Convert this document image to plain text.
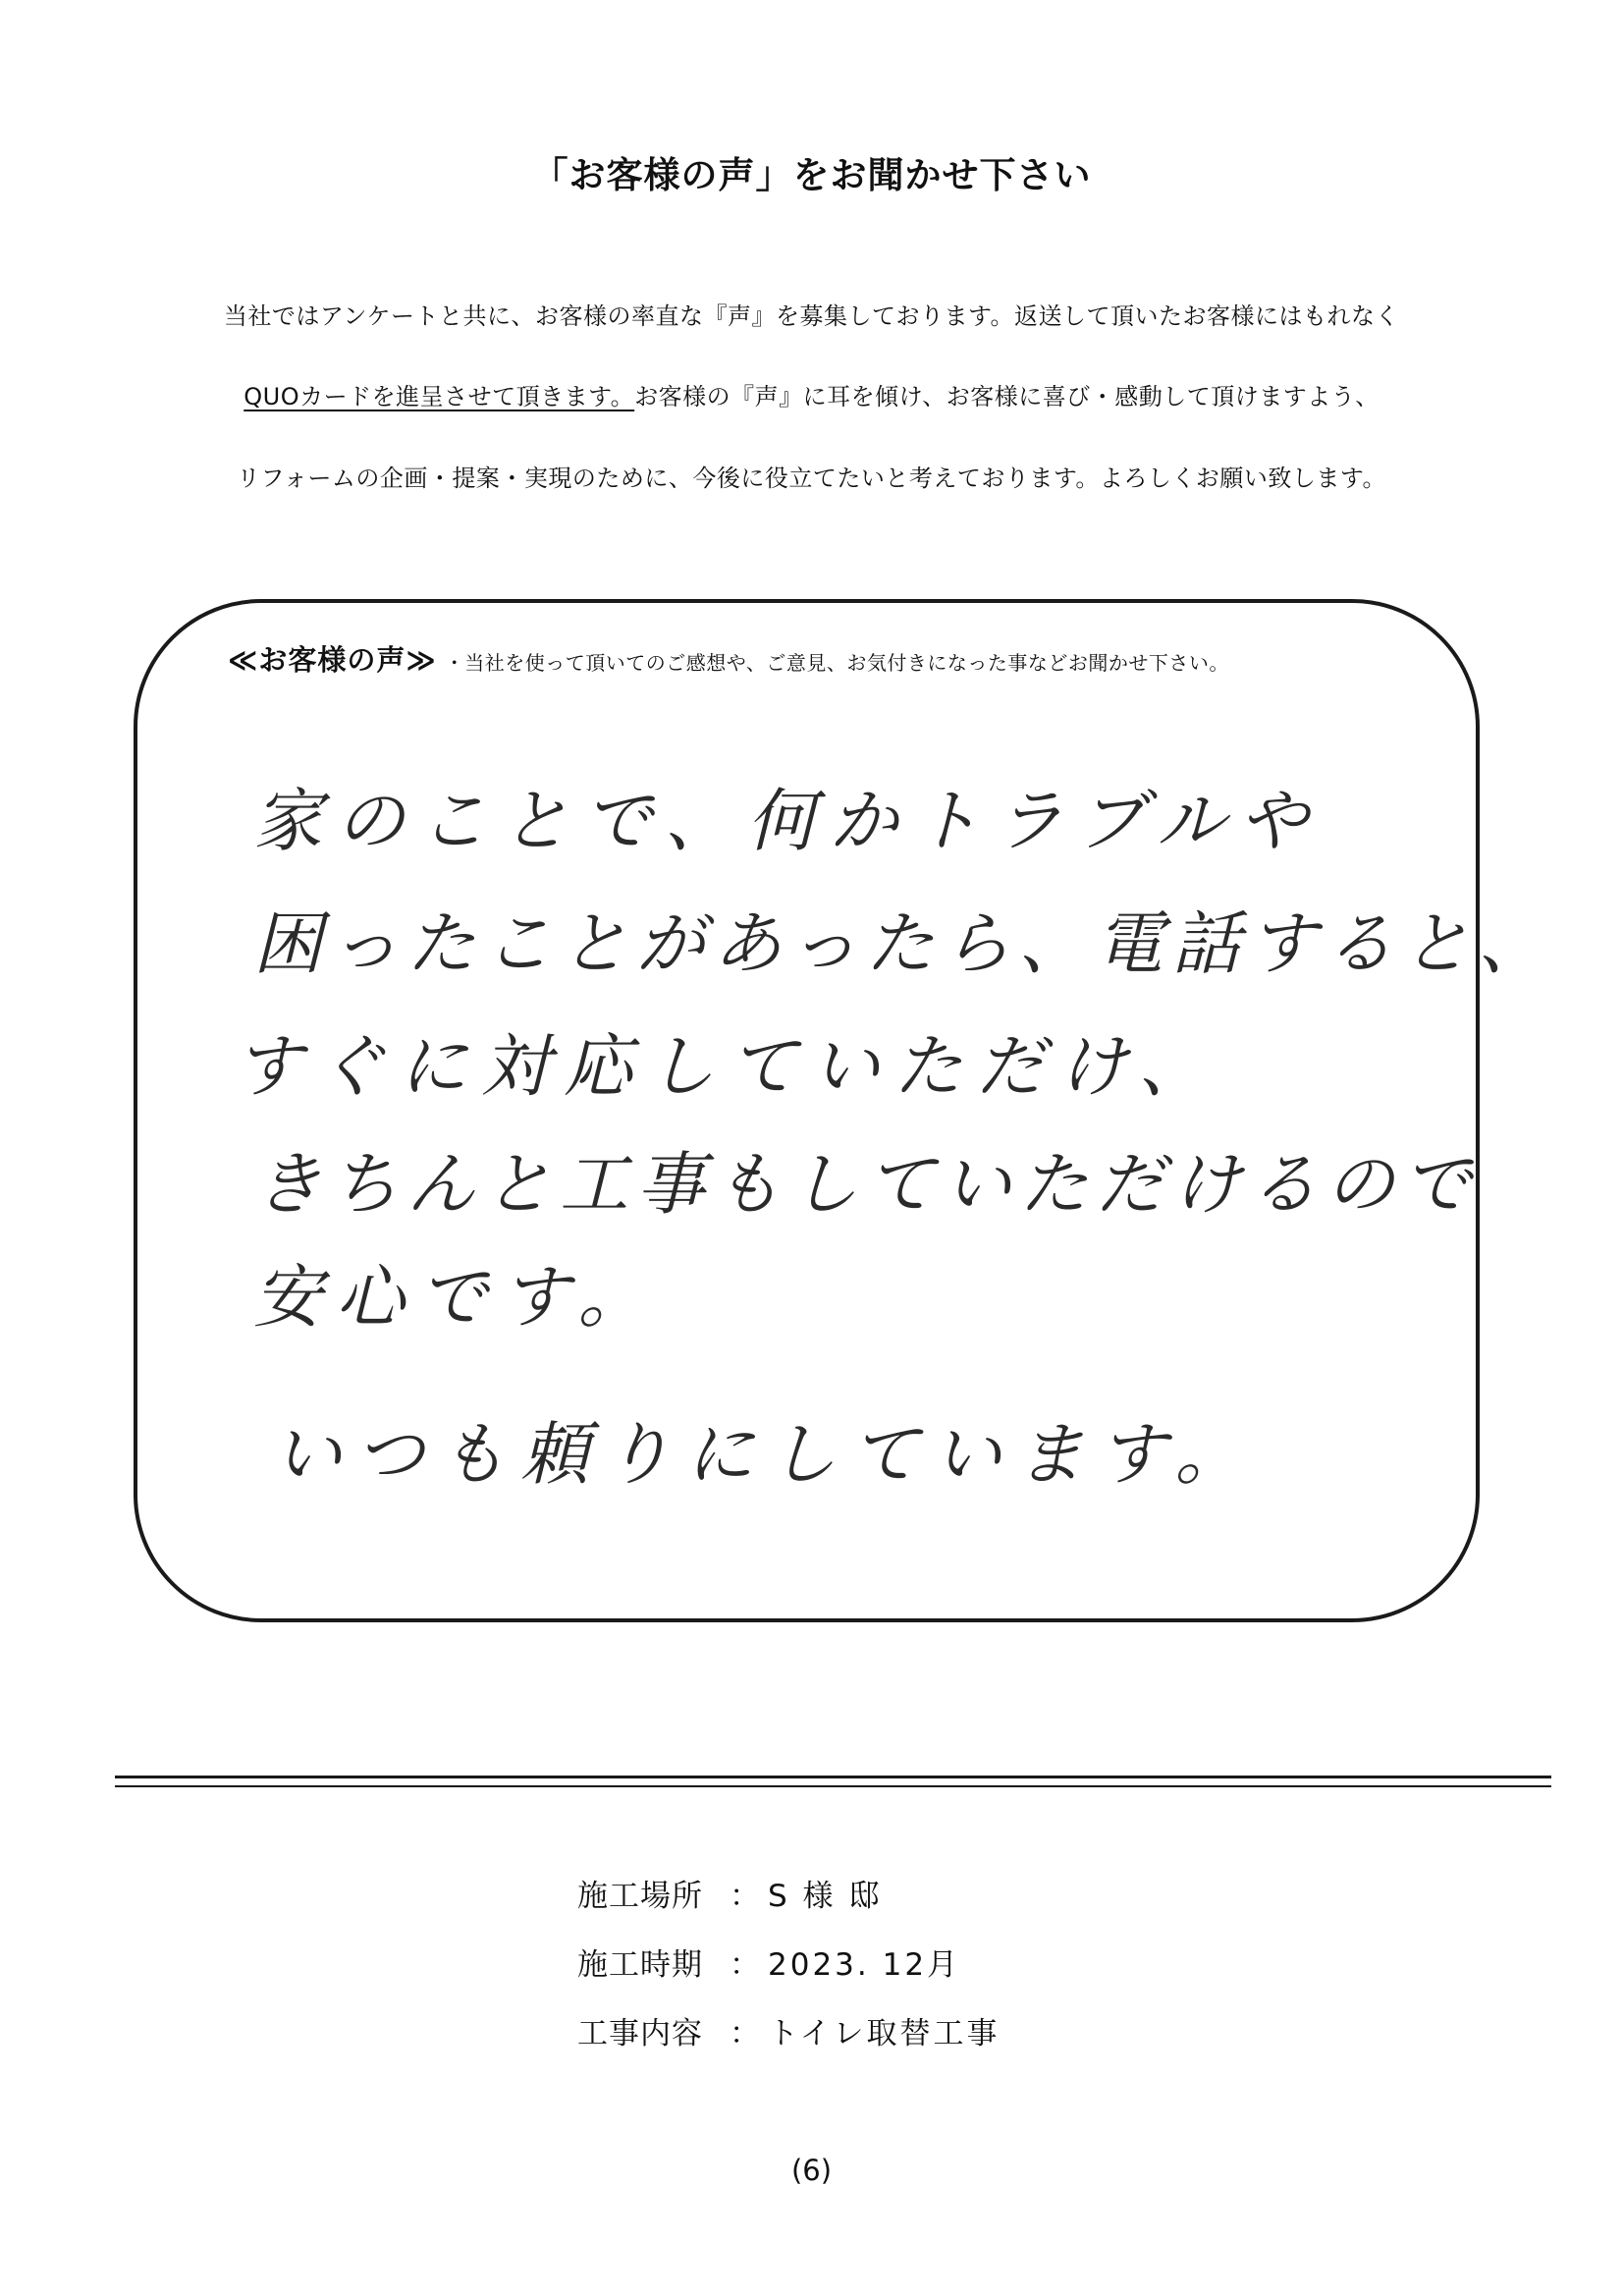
「お客様の声」をお聞かせ下さい
当社ではアンケートと共に、お客様の率直な『声』を募集しております。返送して頂いたお客様にはもれなく
QUOカードを進呈させて頂きます。お客様の『声』に耳を傾け、お客様に喜び・感動して頂けますよう、
リフォームの企画・提案・実現のために、今後に役立てたいと考えております。よろしくお願い致します。
≪お客様の声≫ ・当社を使って頂いてのご感想や、ご意見、お気付きになった事などお聞かせ下さい。
家のことで、何かトラブルや
困ったことがあったら、電話すると、
すぐに対応していただけ、
きちんと工事もしていただけるので
安心です。
いつも頼りにしています。
施工場所 ： S 様 邸
施工時期 ： 2023. 12月
工事内容 ： トイレ取替工事
(6)
